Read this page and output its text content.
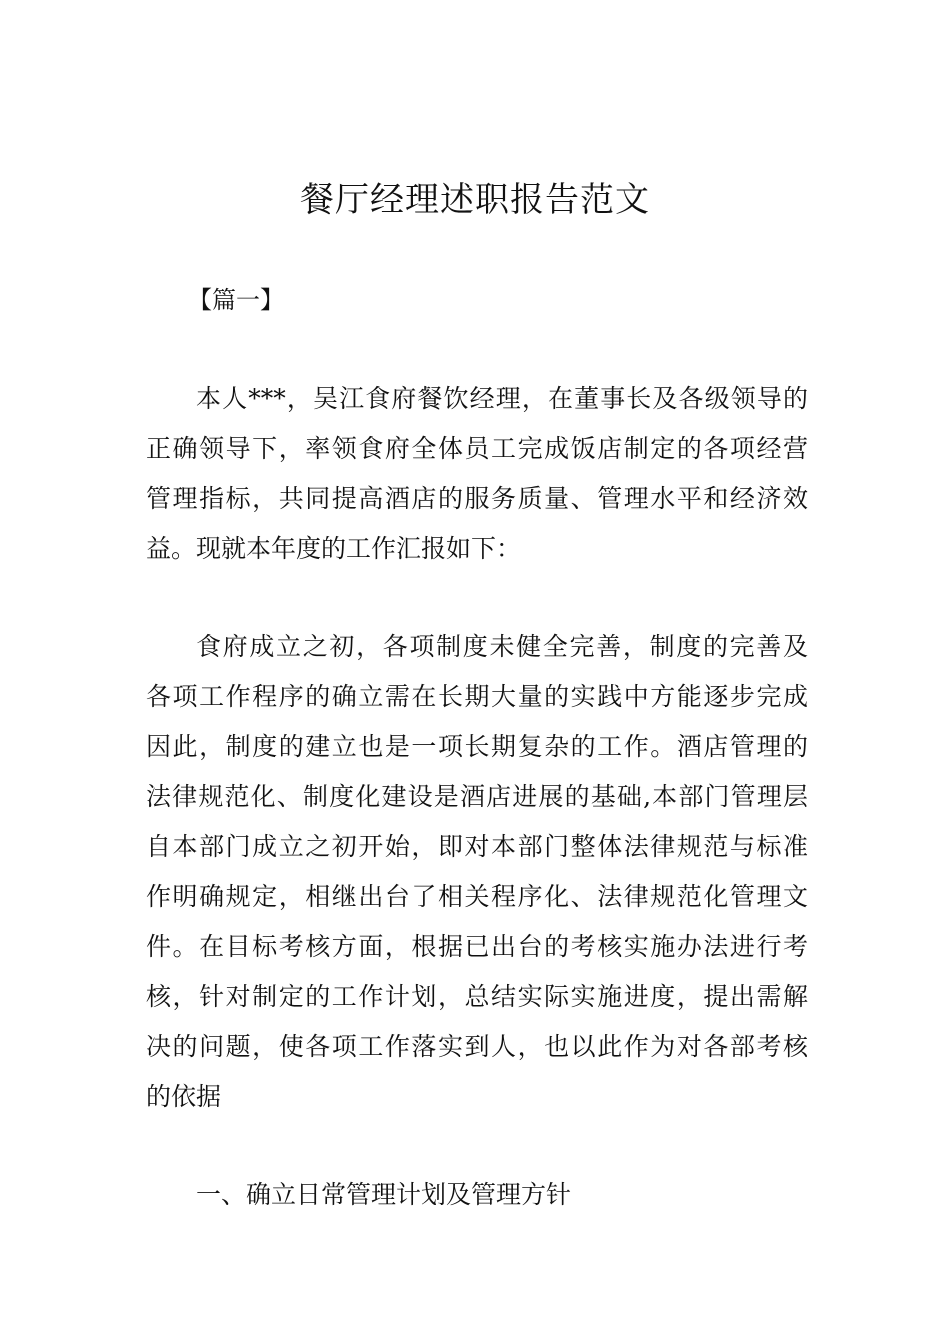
餐厅经理述职报告范文
【篇一】
本人***，吴江食府餐饮经理，在董事长及各级领导的
正确领导下，率领食府全体员工完成饭店制定的各项经营
管理指标，共同提高酒店的服务质量、管理水平和经济效
益。现就本年度的工作汇报如下：
食府成立之初，各项制度未健全完善，制度的完善及
各项工作程序的确立需在长期大量的实践中方能逐步完成
因此，制度的建立也是一项长期复杂的工作。酒店管理的
法律规范化、制度化建设是酒店进展的基础,本部门管理层
自本部门成立之初开始，即对本部门整体法律规范与标准
作明确规定，相继出台了相关程序化、法律规范化管理文
件。在目标考核方面，根据已出台的考核实施办法进行考
核，针对制定的工作计划，总结实际实施进度，提出需解
决的问题，使各项工作落实到人，也以此作为对各部考核
的依据
一、确立日常管理计划及管理方针
